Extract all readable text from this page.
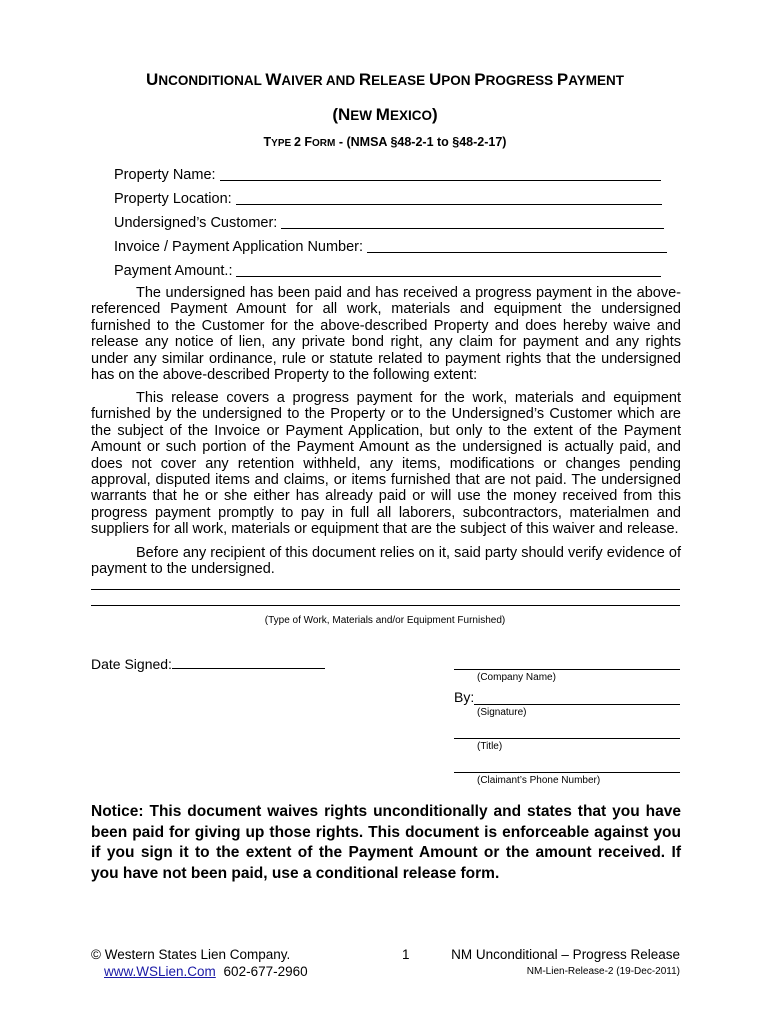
UNCONDITIONAL WAIVER AND RELEASE UPON PROGRESS PAYMENT
(NEW MEXICO)
TYPE 2 FORM - (NMSA §48-2-1 to §48-2-17)
Property Name:
Property Location:
Undersigned’s Customer:
Invoice / Payment Application Number:
Payment Amount.:

The undersigned has been paid and has received a progress payment in the above-referenced Payment Amount for all work, materials and equipment the undersigned furnished to the Customer for the above-described Property and does hereby waive and release any notice of lien, any private bond right, any claim for payment and any rights under any similar ordinance, rule or statute related to payment rights that the undersigned has on the above-described Property to the following extent:

This release covers a progress payment for the work, materials and equipment furnished by the undersigned to the Property or to the Undersigned’s Customer which are the subject of the Invoice or Payment Application, but only to the extent of the Payment Amount or such portion of the Payment Amount as the undersigned is actually paid, and does not cover any retention withheld, any items, modifications or changes pending approval, disputed items and claims, or items furnished that are not paid. The undersigned warrants that he or she either has already paid or will use the money received from this progress payment promptly to pay in full all laborers, subcontractors, materialmen and suppliers for all work, materials or equipment that are the subject of this waiver and release.

Before any recipient of this document relies on it, said party should verify evidence of payment to the undersigned.

(Type of Work, Materials and/or Equipment Furnished)
Date Signed:
(Company Name)
By:
(Signature)
(Title)
(Claimant’s Phone Number)
Notice: This document waives rights unconditionally and states that you have been paid for giving up those rights. This document is enforceable against you if you sign it to the extent of the Payment Amount or the amount received. If you have not been paid, use a conditional release form.
© Western States Lien Company.
www.WSLien.Com 602-677-2960
1	NM Unconditional – Progress Release
NM-Lien-Release-2 (19-Dec-2011)
